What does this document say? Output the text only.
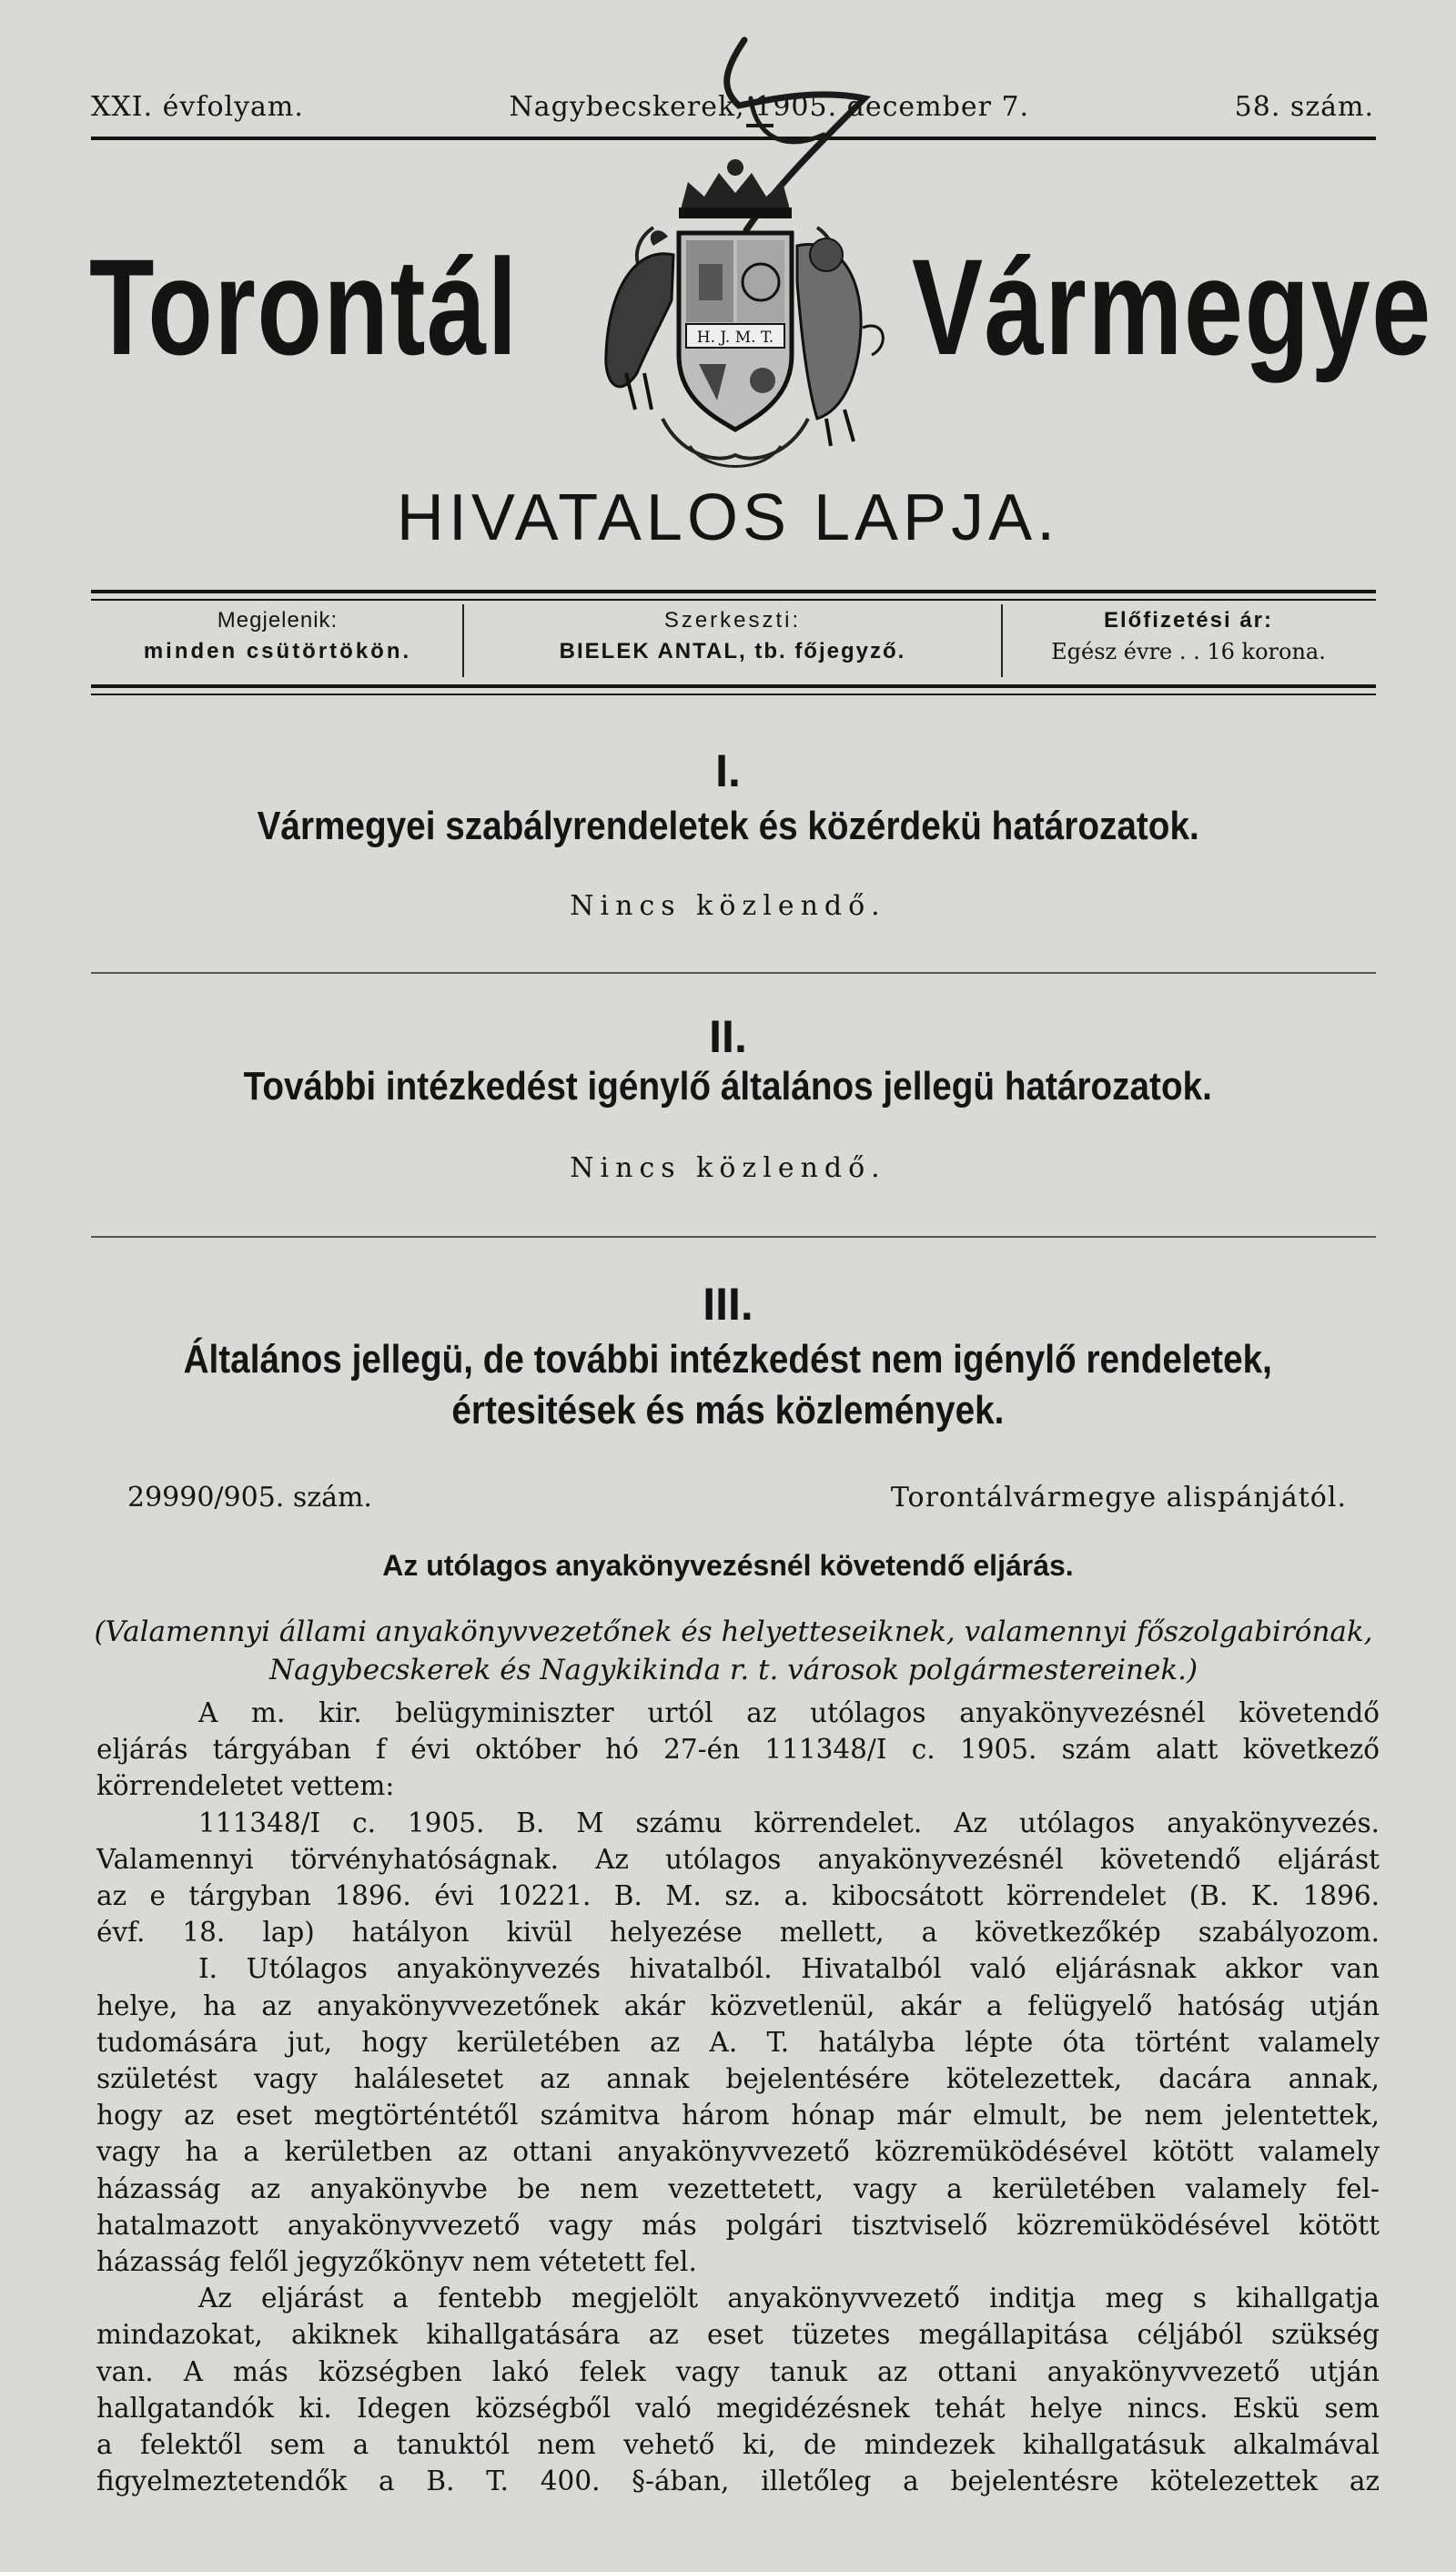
XXI. évfolyam.	Nagybecskerek, 1905. december 7.	58. szám.
Torontál	Vármegye
H. J. M. T.
HIVATALOS LAPJA.
Megjelenik:
minden csütörtökön.
Szerkeszti:
BIELEK ANTAL, tb. főjegyző.
Előfizetési ár:
Egész évre . . 16 korona.
I.
Vármegyei szabályrendeletek és közérdekü határozatok.
Nincs közlendő.
II.
További intézkedést igénylő általános jellegü határozatok.
Nincs közlendő.
III.
Általános jellegü, de további intézkedést nem igénylő rendeletek,
értesitések és más közlemények.
29990/905. szám.	Torontálvármegye alispánjától.
Az utólagos anyakönyvezésnél követendő eljárás.
(Valamennyi állami anyakönyvvezetőnek és helyetteseiknek, valamennyi főszolgabirónak,
Nagybecskerek és Nagykikinda r. t. városok polgármestereinek.)

A m. kir. belügyminiszter urtól az utólagos anyakönyvezésnél követendő

eljárás tárgyában f évi október hó 27-én 111348/I c. 1905. szám alatt következő

körrendeletet vettem:

111348/I c. 1905. B. M számu körrendelet. Az utólagos anyakönyvezés.

Valamennyi törvényhatóságnak. Az utólagos anyakönyvezésnél követendő eljárást

az e tárgyban 1896. évi 10221. B. M. sz. a. kibocsátott körrendelet (B. K. 1896.

évf. 18. lap) hatályon kivül helyezése mellett, a következőkép szabályozom.

I. Utólagos anyakönyvezés hivatalból. Hivatalból való eljárásnak akkor van

helye, ha az anyakönyvvezetőnek akár közvetlenül, akár a felügyelő hatóság utján

tudomására jut, hogy kerületében az A. T. hatályba lépte óta történt valamely

születést vagy halálesetet az annak bejelentésére kötelezettek, dacára annak,

hogy az eset megtörténtétől számitva három hónap már elmult, be nem jelentettek,

vagy ha a kerületben az ottani anyakönyvvezető közremüködésével kötött valamely

házasság az anyakönyvbe be nem vezettetett, vagy a kerületében valamely fel-

hatalmazott anyakönyvvezető vagy más polgári tisztviselő közremüködésével kötött

házasság felől jegyzőkönyv nem vétetett fel.

Az eljárást a fentebb megjelölt anyakönyvvezető inditja meg s kihallgatja

mindazokat, akiknek kihallgatására az eset tüzetes megállapitása céljából szükség

van. A más községben lakó felek vagy tanuk az ottani anyakönyvvezető utján

hallgatandók ki. Idegen községből való megidézésnek tehát helye nincs. Eskü sem

a felektől sem a tanuktól nem vehető ki, de mindezek kihallgatásuk alkalmával

figyelmeztetendők a B. T. 400. §-ában, illetőleg a bejelentésre kötelezettek az
